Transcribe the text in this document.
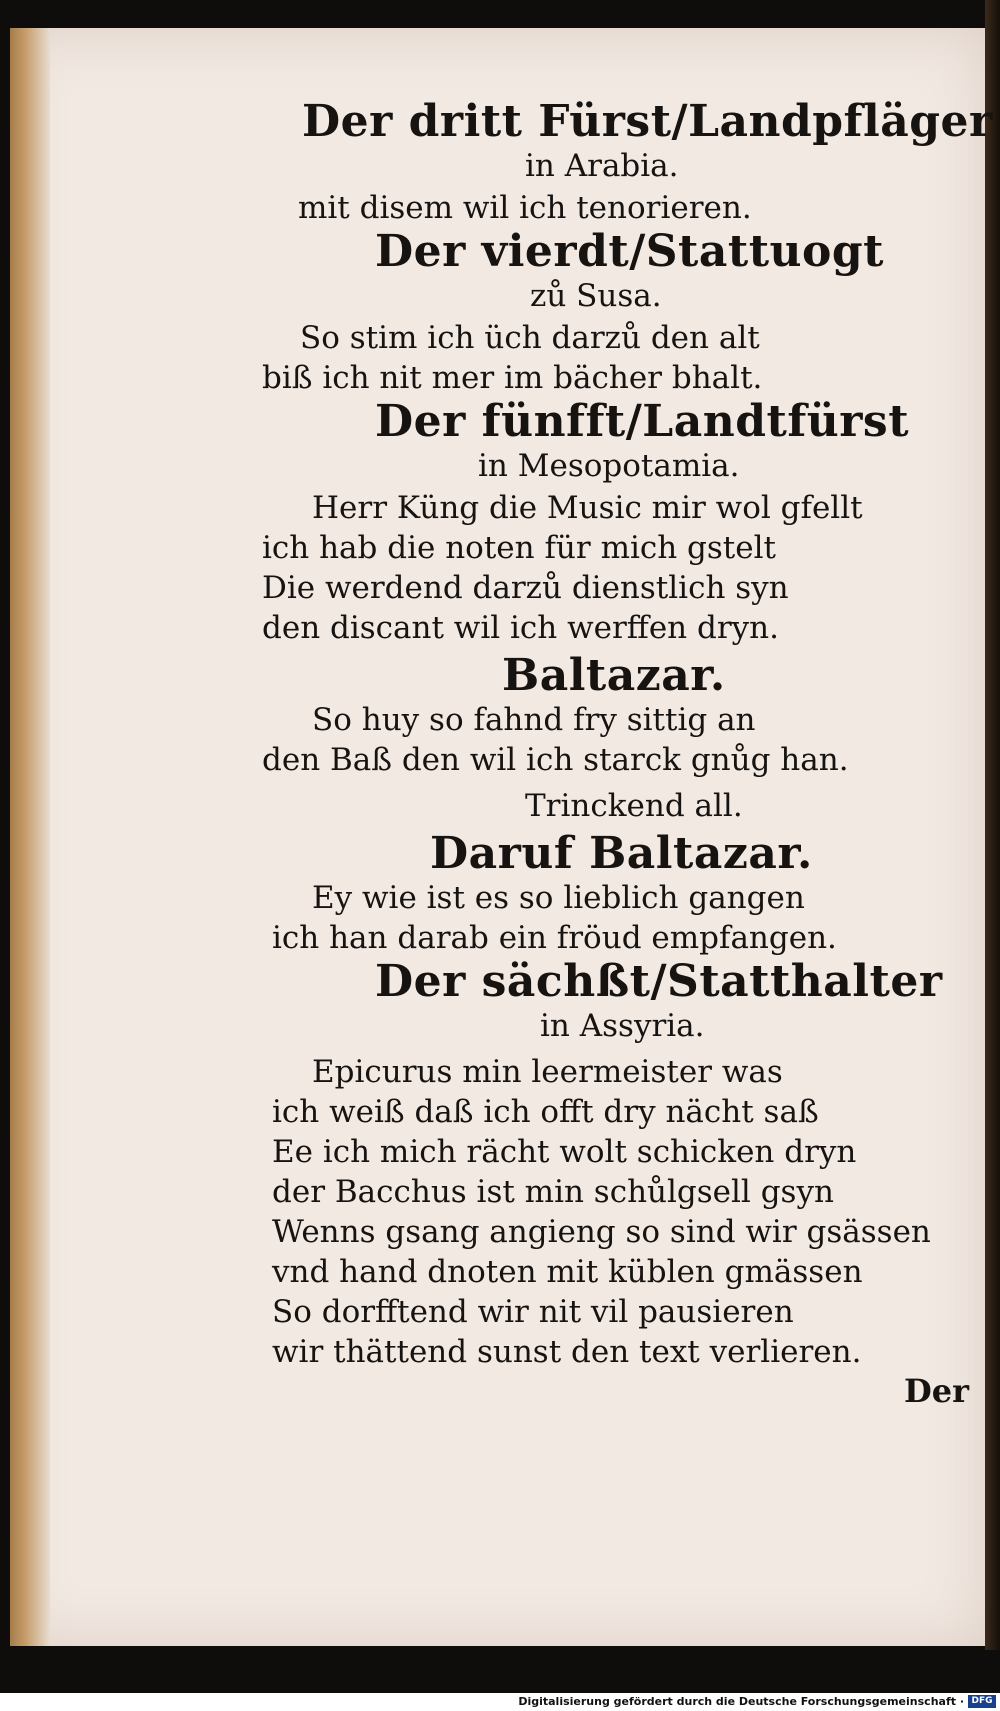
Der dritt Fürst/Landpfläger
in Arabia.
mit disem wil ich tenorieren.
Der vierdt/Stattuogt
zů Susa.
So stim ich üch darzů den alt
biß ich nit mer im bächer bhalt.
Der fünfft/Landtfürst
in Mesopotamia.
Herr Küng die Music mir wol gfellt
ich hab die noten für mich gstelt
Die werdend darzů dienstlich syn
den discant wil ich werffen dryn.
Baltazar.
So huy so fahnd fry sittig an
den Baß den wil ich starck gnůg han.
Trinckend all.
Daruf Baltazar.
Ey wie ist es so lieblich gangen
ich han darab ein fröud empfangen.
Der sächßt/Statthalter
in Assyria.
Epicurus min leermeister was
ich weiß daß ich offt dry nächt saß
Ee ich mich rächt wolt schicken dryn
der Bacchus ist min schůlgsell gsyn
Wenns gsang angieng so sind wir gsässen
vnd hand dnoten mit küblen gmässen
So dorfftend wir nit vil pausieren
wir thättend sunst den text verlieren.
Der
Digitalisierung gefördert durch die Deutsche Forschungsgemeinschaft · DFG
